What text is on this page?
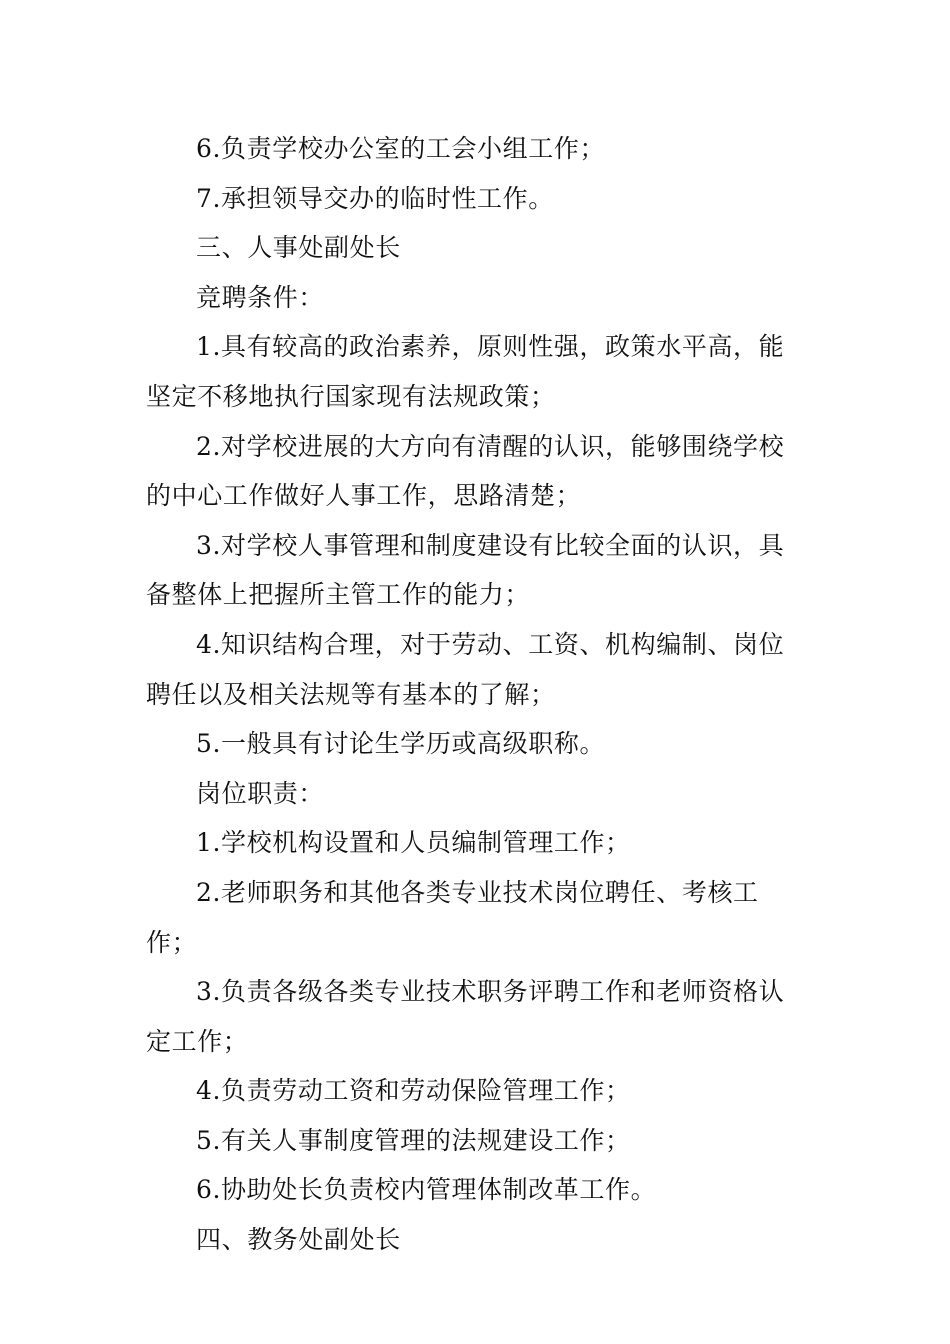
6.负责学校办公室的工会小组工作；

7.承担领导交办的临时性工作。

三、人事处副处长

竞聘条件：

1.具有较高的政治素养，原则性强，政策水平高，能坚定不移地执行国家现有法规政策；

2.对学校进展的大方向有清醒的认识，能够围绕学校的中心工作做好人事工作，思路清楚；

3.对学校人事管理和制度建设有比较全面的认识，具备整体上把握所主管工作的能力；

4.知识结构合理，对于劳动、工资、机构编制、岗位聘任以及相关法规等有基本的了解；

5.一般具有讨论生学历或高级职称。

岗位职责：

1.学校机构设置和人员编制管理工作；

2.老师职务和其他各类专业技术岗位聘任、考核工作；

3.负责各级各类专业技术职务评聘工作和老师资格认定工作；

4.负责劳动工资和劳动保险管理工作；

5.有关人事制度管理的法规建设工作；

6.协助处长负责校内管理体制改革工作。

四、教务处副处长
